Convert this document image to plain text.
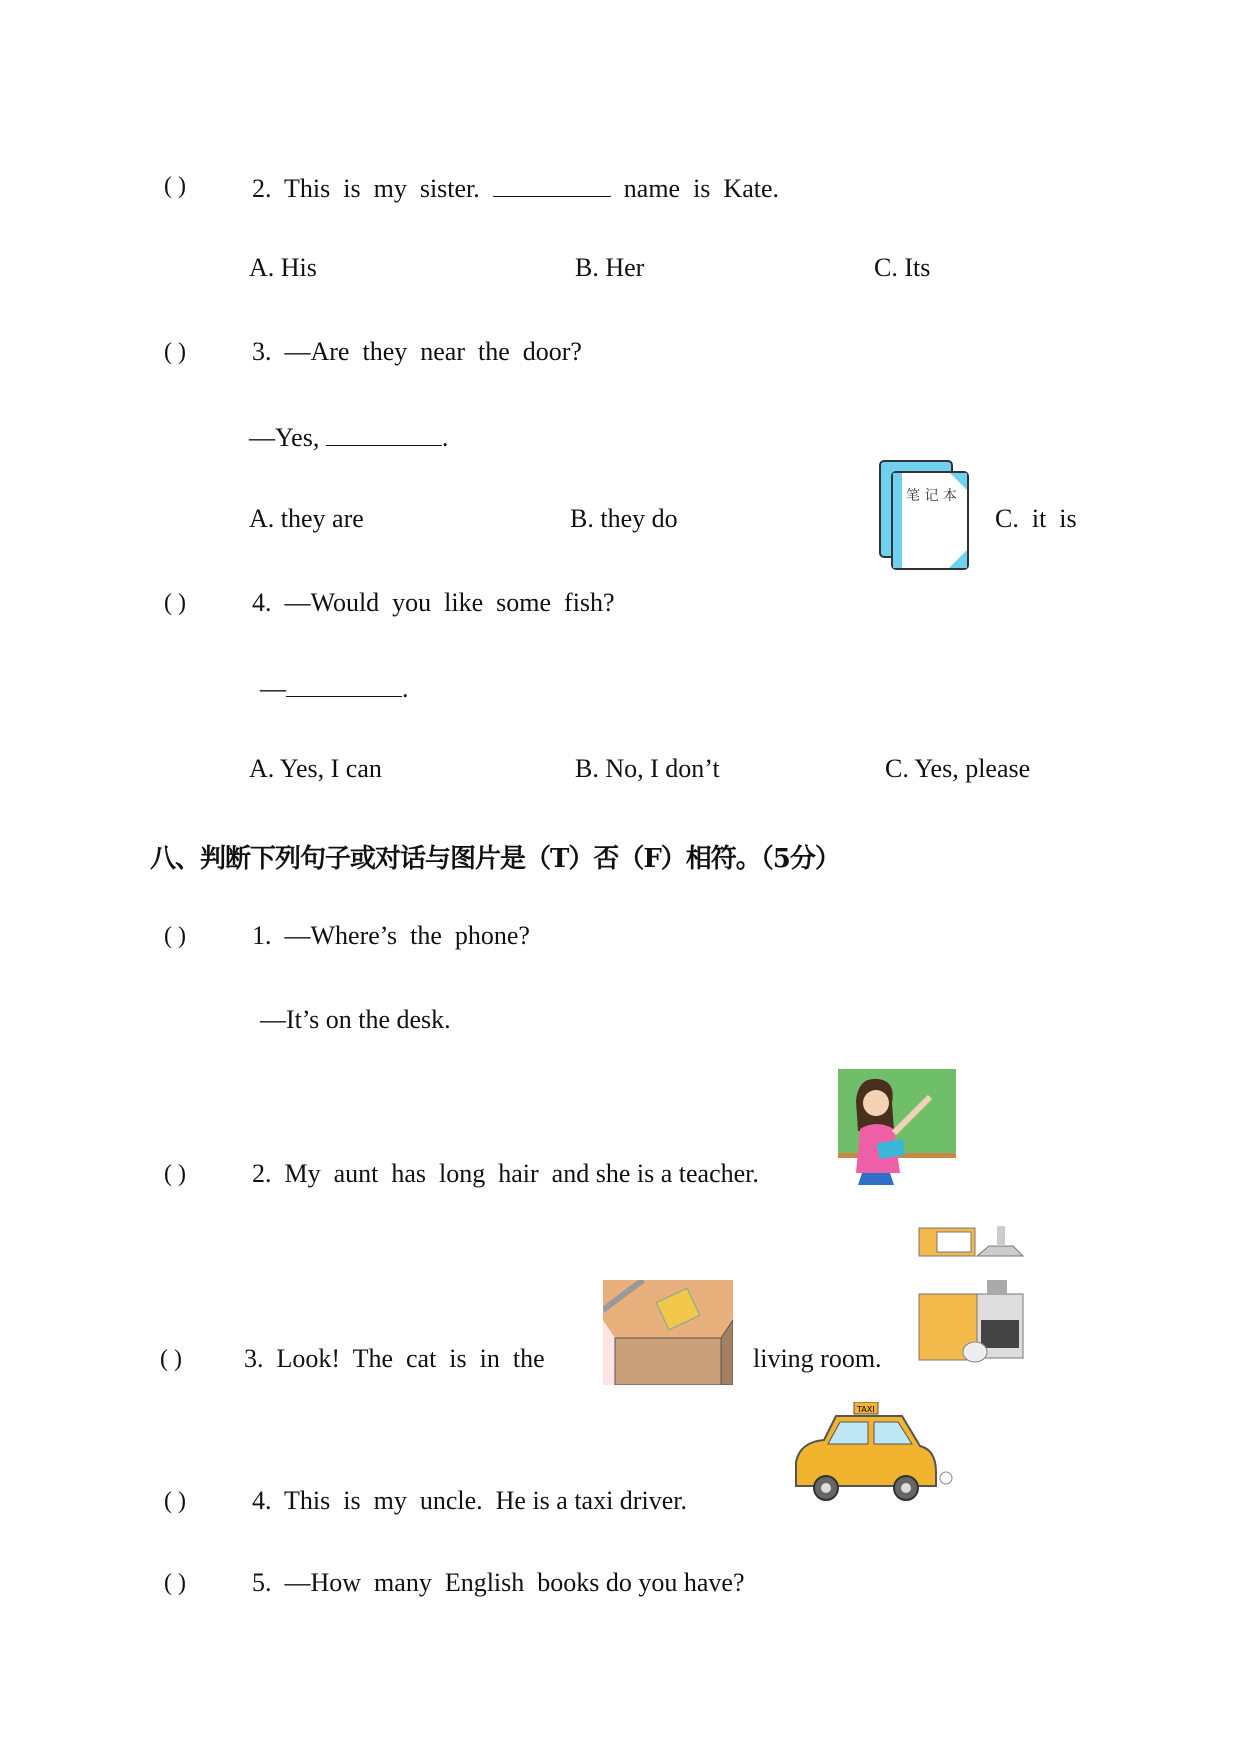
( )	2. This  is  my  sister.	name  is  Kate.
A. His	B. Her	C. Its
( )	3. —Are  they  near  the  door?
—Yes,	.
A. they are	B. they do	C.  it  is
笔 记 本
( )	4. —Would  you  like  some  fish?
—	.
A. Yes, I can	B. No, I don’t	C. Yes, please
八、判断下列句子或对话与图片是（T）否（F）相符。（5分）
( )	1. —Where’s  the  phone?
—It’s on the desk.
( )	2. My  aunt  has  long  hair  and she is a teacher.
( ) 3. Look!  The  cat  is  in  the	living room.
( )	4. This  is  my  uncle.  He is a taxi driver.
TAXI
( )	5. —How  many  English  books do you have?
